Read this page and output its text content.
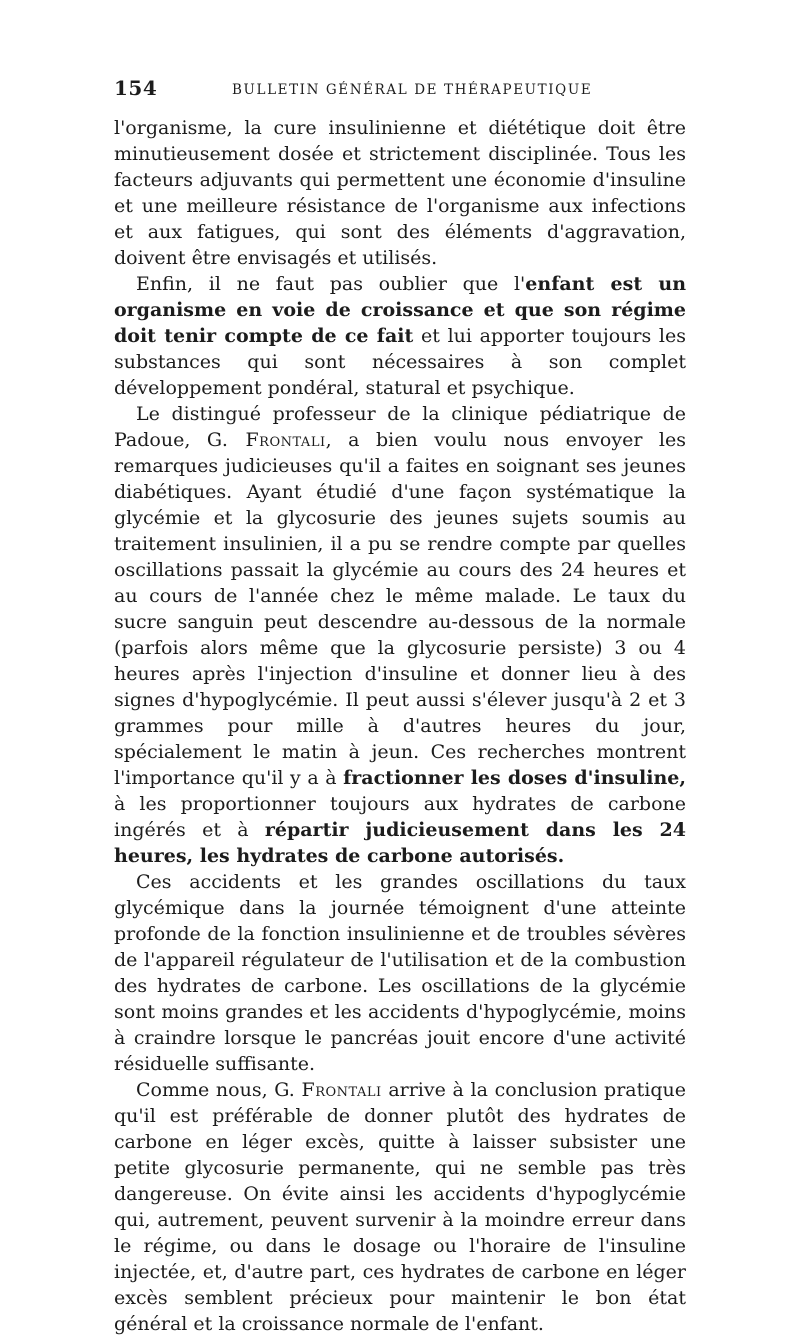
154	BULLETIN GÉNÉRAL DE THÉRAPEUTIQUE

l'organisme, la cure insulinienne et diététique doit être minutieusement dosée et strictement disciplinée. Tous les facteurs adjuvants qui permettent une économie d'insuline et une meilleure résistance de l'organisme aux infections et aux fatigues, qui sont des éléments d'aggravation, doivent être envisagés et utilisés.

Enfin, il ne faut pas oublier que l'enfant est un organisme en voie de croissance et que son régime doit tenir compte de ce fait et lui apporter toujours les substances qui sont nécessaires à son complet développement pondéral, statural et psychique.

Le distingué professeur de la clinique pédiatrique de Padoue, G. Frontali, a bien voulu nous envoyer les remarques judicieuses qu'il a faites en soignant ses jeunes diabétiques. Ayant étudié d'une façon systématique la glycémie et la glycosurie des jeunes sujets soumis au traitement insulinien, il a pu se rendre compte par quelles oscillations passait la glycémie au cours des 24 heures et au cours de l'année chez le même malade. Le taux du sucre sanguin peut descendre au-dessous de la normale (parfois alors même que la glycosurie persiste) 3 ou 4 heures après l'injection d'insuline et donner lieu à des signes d'hypoglycémie. Il peut aussi s'élever jusqu'à 2 et 3 grammes pour mille à d'autres heures du jour, spécialement le matin à jeun. Ces recherches montrent l'importance qu'il y a à fractionner les doses d'insuline, à les proportionner toujours aux hydrates de carbone ingérés et à répartir judicieusement dans les 24 heures, les hydrates de carbone autorisés.

Ces accidents et les grandes oscillations du taux glycémique dans la journée témoignent d'une atteinte profonde de la fonction insulinienne et de troubles sévères de l'appareil régulateur de l'utilisation et de la combustion des hydrates de carbone. Les oscillations de la glycémie sont moins grandes et les accidents d'hypoglycémie, moins à craindre lorsque le pancréas jouit encore d'une activité résiduelle suffisante.

Comme nous, G. Frontali arrive à la conclusion pratique qu'il est préférable de donner plutôt des hydrates de carbone en léger excès, quitte à laisser subsister une petite glycosurie permanente, qui ne semble pas très dangereuse. On évite ainsi les accidents d'hypoglycémie qui, autrement, peuvent survenir à la moindre erreur dans le régime, ou dans le dosage ou l'horaire de l'insuline injectée, et, d'autre part, ces hydrates de carbone en léger excès semblent précieux pour maintenir le bon état général et la croissance normale de l'enfant.
